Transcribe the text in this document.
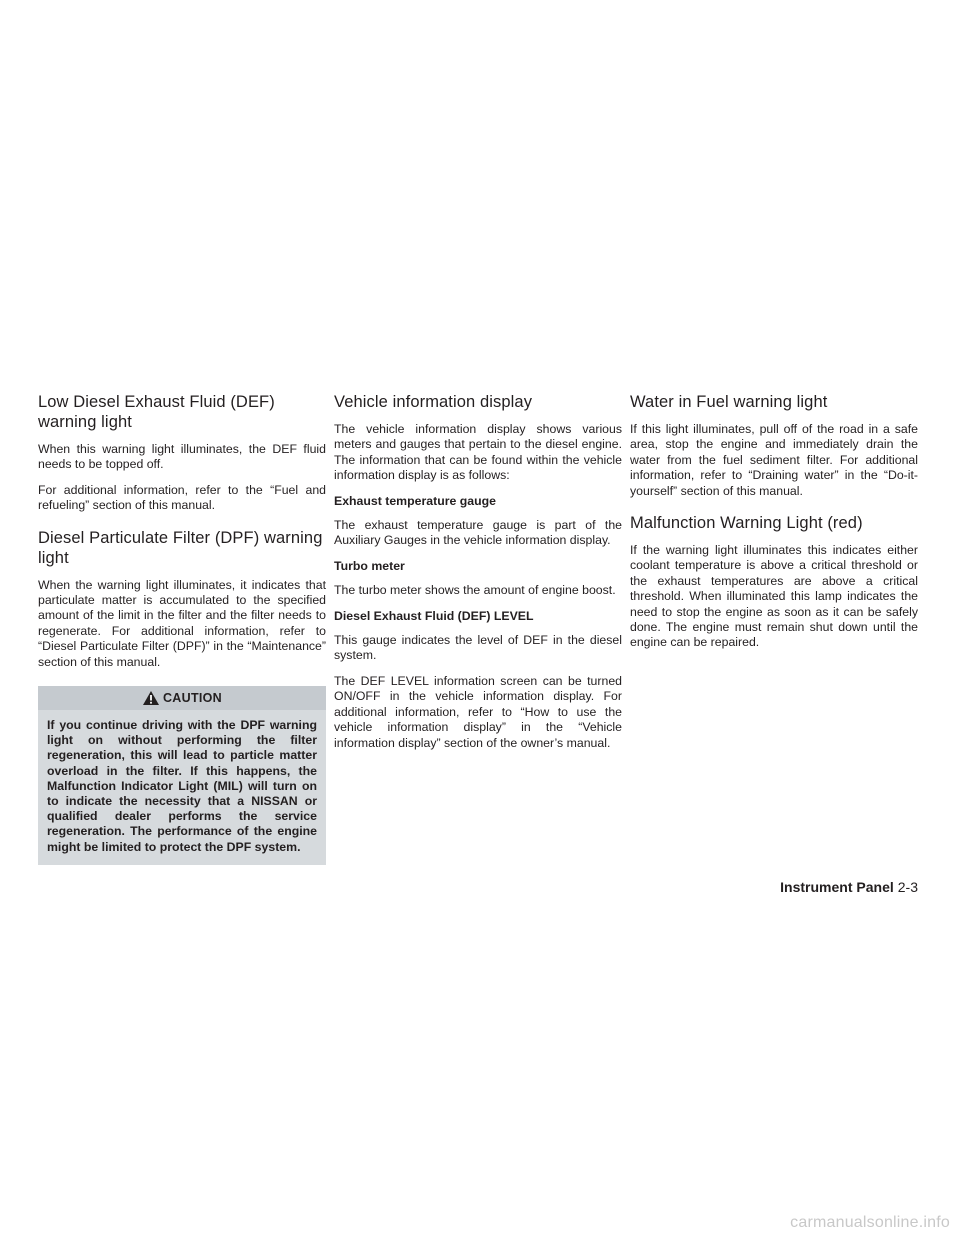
Low Diesel Exhaust Fluid (DEF) warning light

When this warning light illuminates, the DEF fluid needs to be topped off.

For additional information, refer to the “Fuel and refueling” section of this manual.

Diesel Particulate Filter (DPF) warning light

When the warning light illuminates, it indicates that particulate matter is accumulated to the specified amount of the limit in the filter and the filter needs to regenerate. For additional information, refer to “Diesel Particulate Filter (DPF)” in the “Maintenance” section of this manual.

CAUTION
If you continue driving with the DPF warning light on without performing the filter regeneration, this will lead to particle matter overload in the filter. If this happens, the Malfunction Indicator Light (MIL) will turn on to indicate the necessity that a NISSAN or qualified dealer performs the service regeneration. The performance of the engine might be limited to protect the DPF system.
Vehicle information display

The vehicle information display shows various meters and gauges that pertain to the diesel engine. The information that can be found within the vehicle information display is as follows:

Exhaust temperature gauge

The exhaust temperature gauge is part of the Auxiliary Gauges in the vehicle information display.

Turbo meter

The turbo meter shows the amount of engine boost.

Diesel Exhaust Fluid (DEF) LEVEL

This gauge indicates the level of DEF in the diesel system.

The DEF LEVEL information screen can be turned ON/OFF in the vehicle information display. For additional information, refer to “How to use the vehicle information display” in the “Vehicle information display” section of the owner’s manual.

Water in Fuel warning light

If this light illuminates, pull off of the road in a safe area, stop the engine and immediately drain the water from the fuel sediment filter. For additional information, refer to “Draining water” in the “Do-it-yourself” section of this manual.

Malfunction Warning Light (red)

If the warning light illuminates this indicates either coolant temperature is above a critical threshold or the exhaust temperatures are above a critical threshold. When illuminated this lamp indicates the need to stop the engine as soon as it can be safely done. The engine must remain shut down until the engine can be repaired.

Instrument Panel 2-3
carmanualsonline.info
